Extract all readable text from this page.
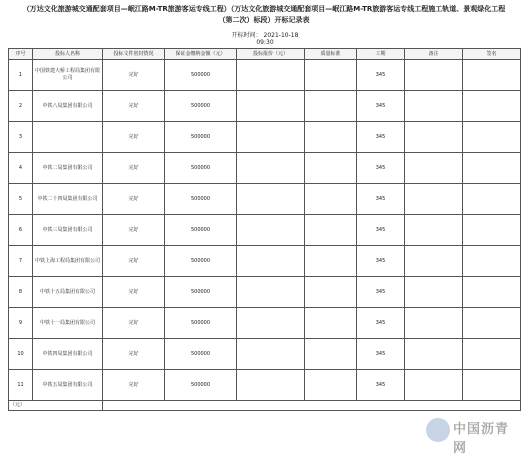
（万达文化旅游城交通配套项目—岷江路M-TR旅游客运专线工程）（万达文化旅游城交通配套项目—岷江路M-TR旅游客运专线工程施工轨道、景观绿化工程
（第二次）标段）开标记录表
开标时间： 2021-10-18
09:30
序号	投标人名称	投标文件密封情况	保证金缴纳金额（元）	投标报价（元）	质量标准	工期	备注	签名
1	中国铁建大桥工程局集团有限公司	完好	500000			345		
2	中铁八局集团有限公司	完好	500000			345		
3		完好	500000			345		
4	中铁二局集团有限公司	完好	500000			345		
5	中铁二十四局集团有限公司	完好	500000			345		
6	中铁三局集团有限公司	完好	500000			345		
7	中铁上海工程局集团有限公司	完好	500000			345		
8	中铁十五局集团有限公司	完好	500000			345		
9	中铁十一局集团有限公司	完好	500000			345		
10	中铁四局集团有限公司	完好	500000			345		
11	中铁五局集团有限公司	完好	500000			345		
（元）								
中国沥青网
